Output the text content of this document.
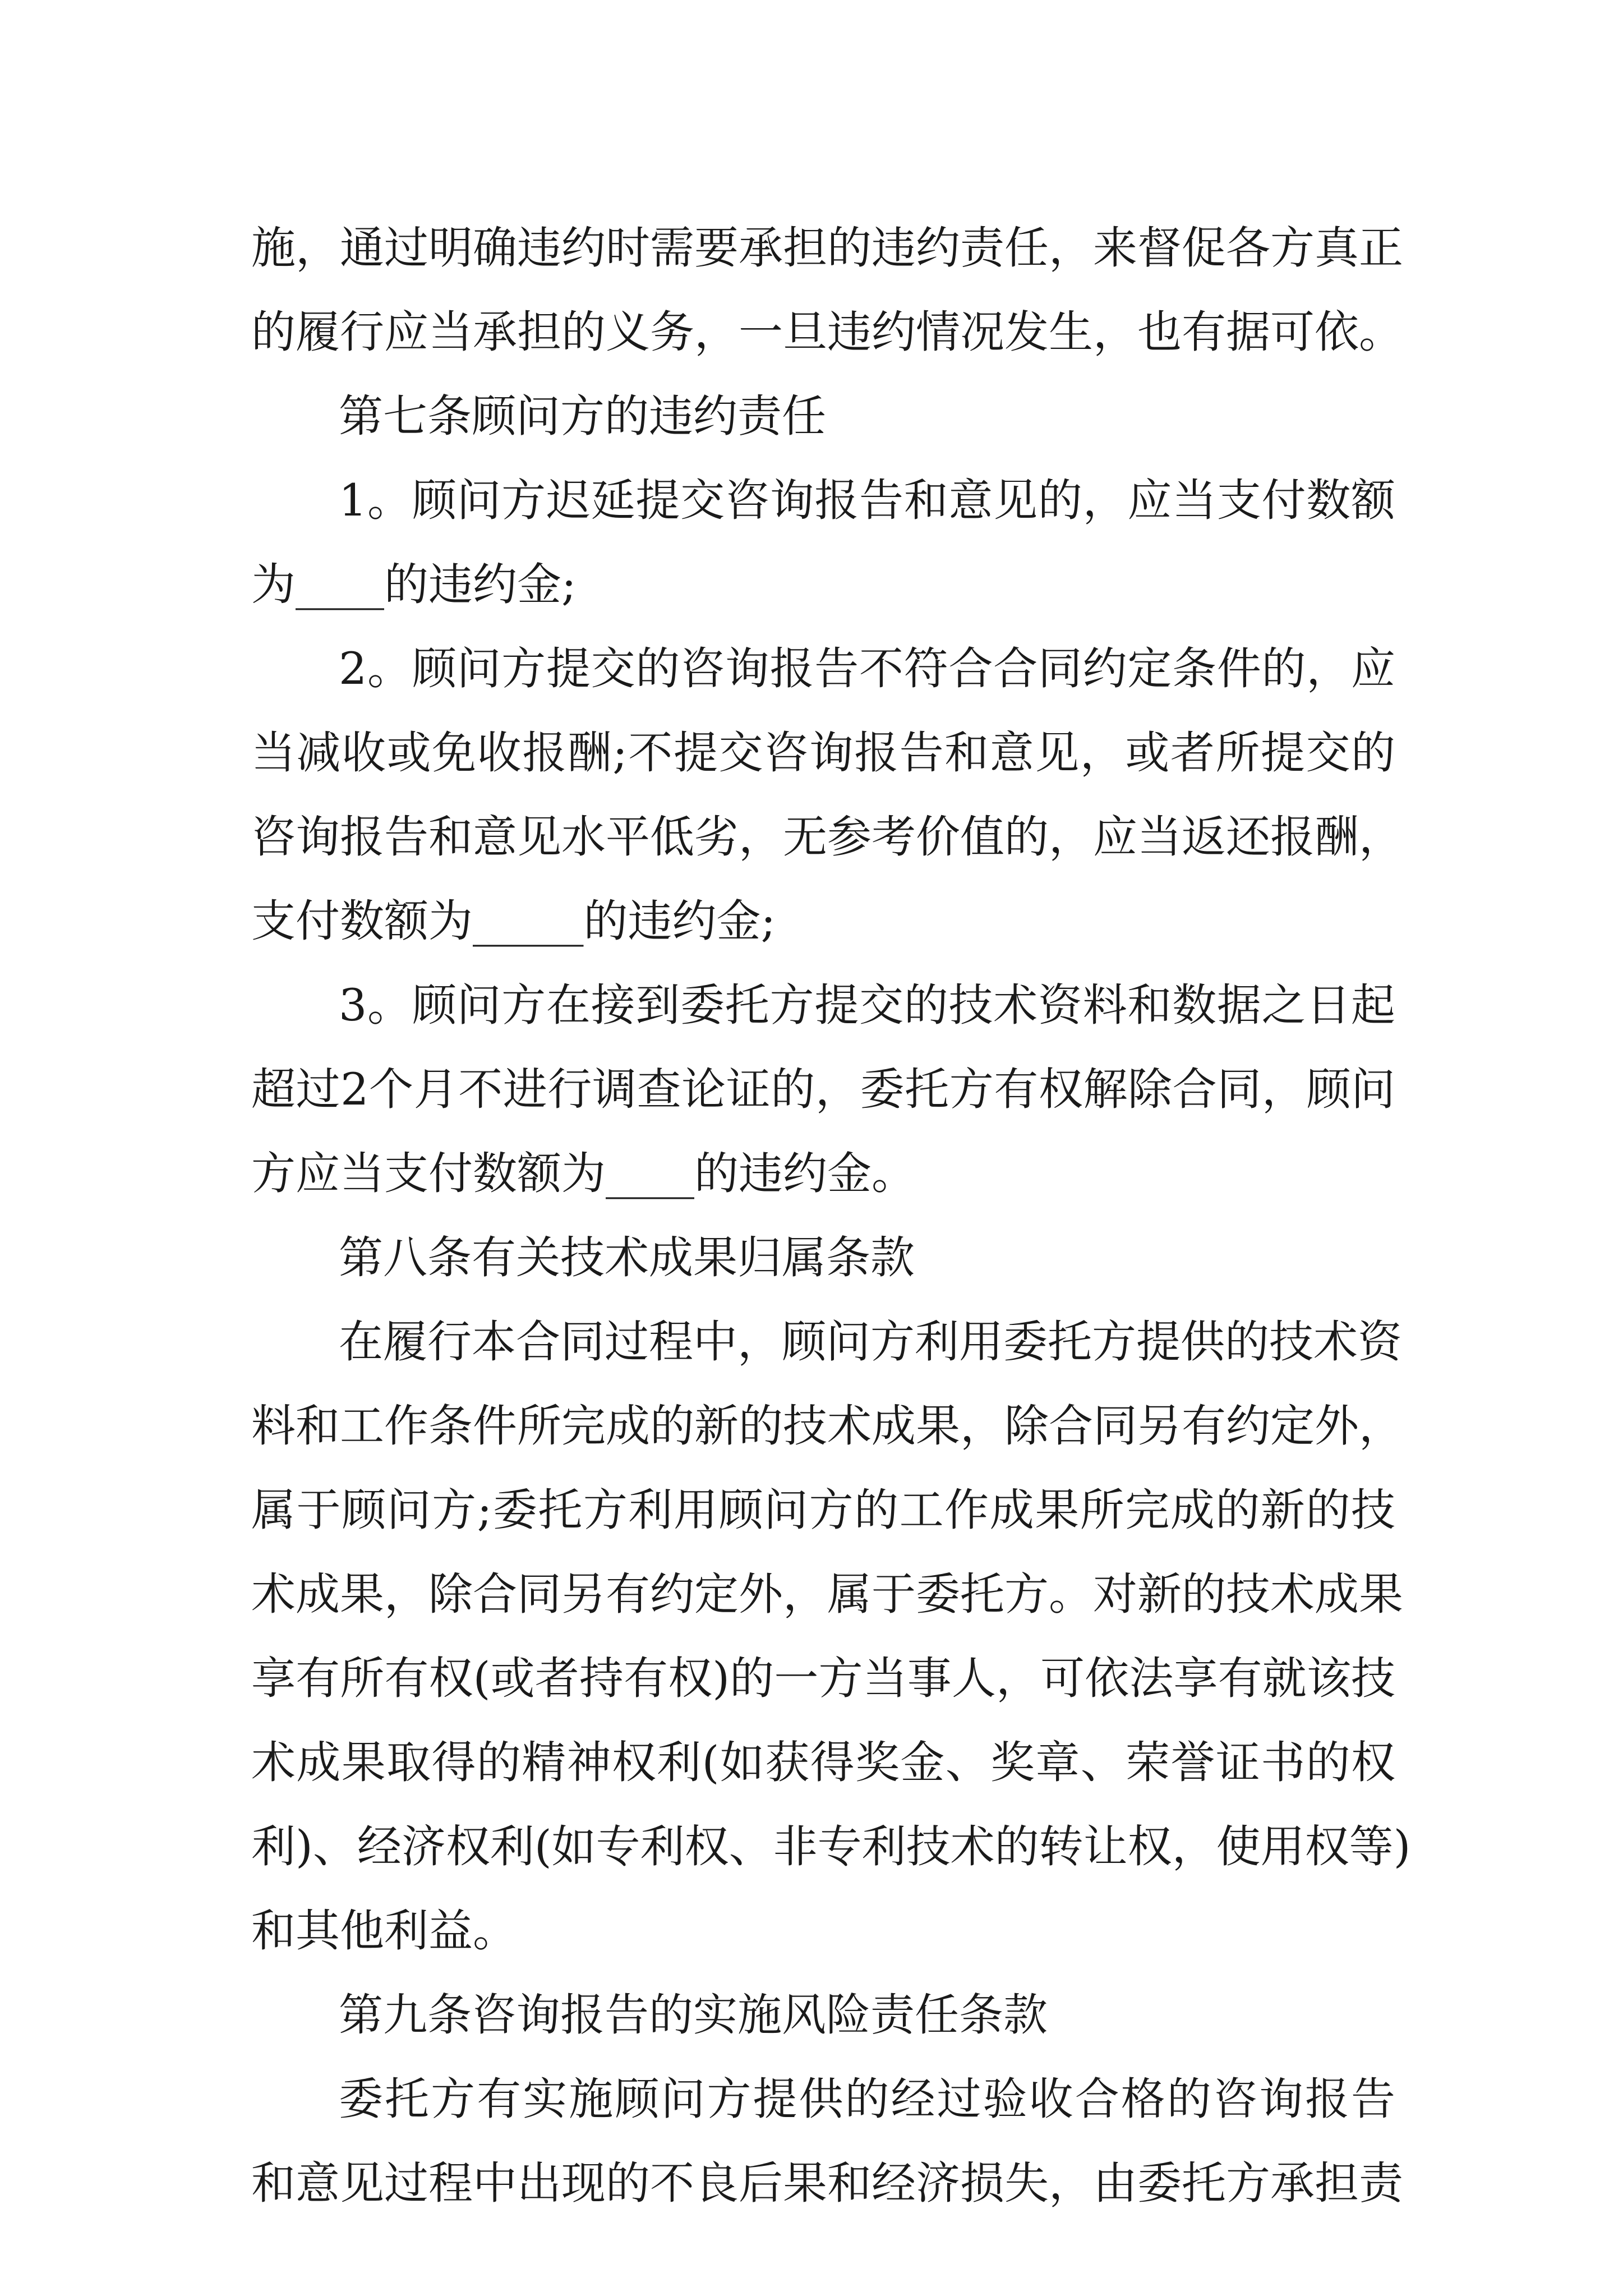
施，通过明确违约时需要承担的违约责任，来督促各方真正
的履行应当承担的义务，一旦违约情况发生，也有据可依。
第七条顾问方的违约责任
1。顾问方迟延提交咨询报告和意见的，应当支付数额
为____的违约金;
2。顾问方提交的咨询报告不符合合同约定条件的，应
当减收或免收报酬;不提交咨询报告和意见，或者所提交的
咨询报告和意见水平低劣，无参考价值的，应当返还报酬，
支付数额为_____的违约金;
3。顾问方在接到委托方提交的技术资料和数据之日起
超过2个月不进行调查论证的，委托方有权解除合同，顾问
方应当支付数额为____的违约金。
第八条有关技术成果归属条款
在履行本合同过程中，顾问方利用委托方提供的技术资
料和工作条件所完成的新的技术成果，除合同另有约定外，
属于顾问方;委托方利用顾问方的工作成果所完成的新的技
术成果，除合同另有约定外，属于委托方。对新的技术成果
享有所有权(或者持有权)的一方当事人，可依法享有就该技
术成果取得的精神权利(如获得奖金、奖章、荣誉证书的权
利)、经济权利(如专利权、非专利技术的转让权，使用权等)
和其他利益。
第九条咨询报告的实施风险责任条款
委托方有实施顾问方提供的经过验收合格的咨询报告
和意见过程中出现的不良后果和经济损失，由委托方承担责
